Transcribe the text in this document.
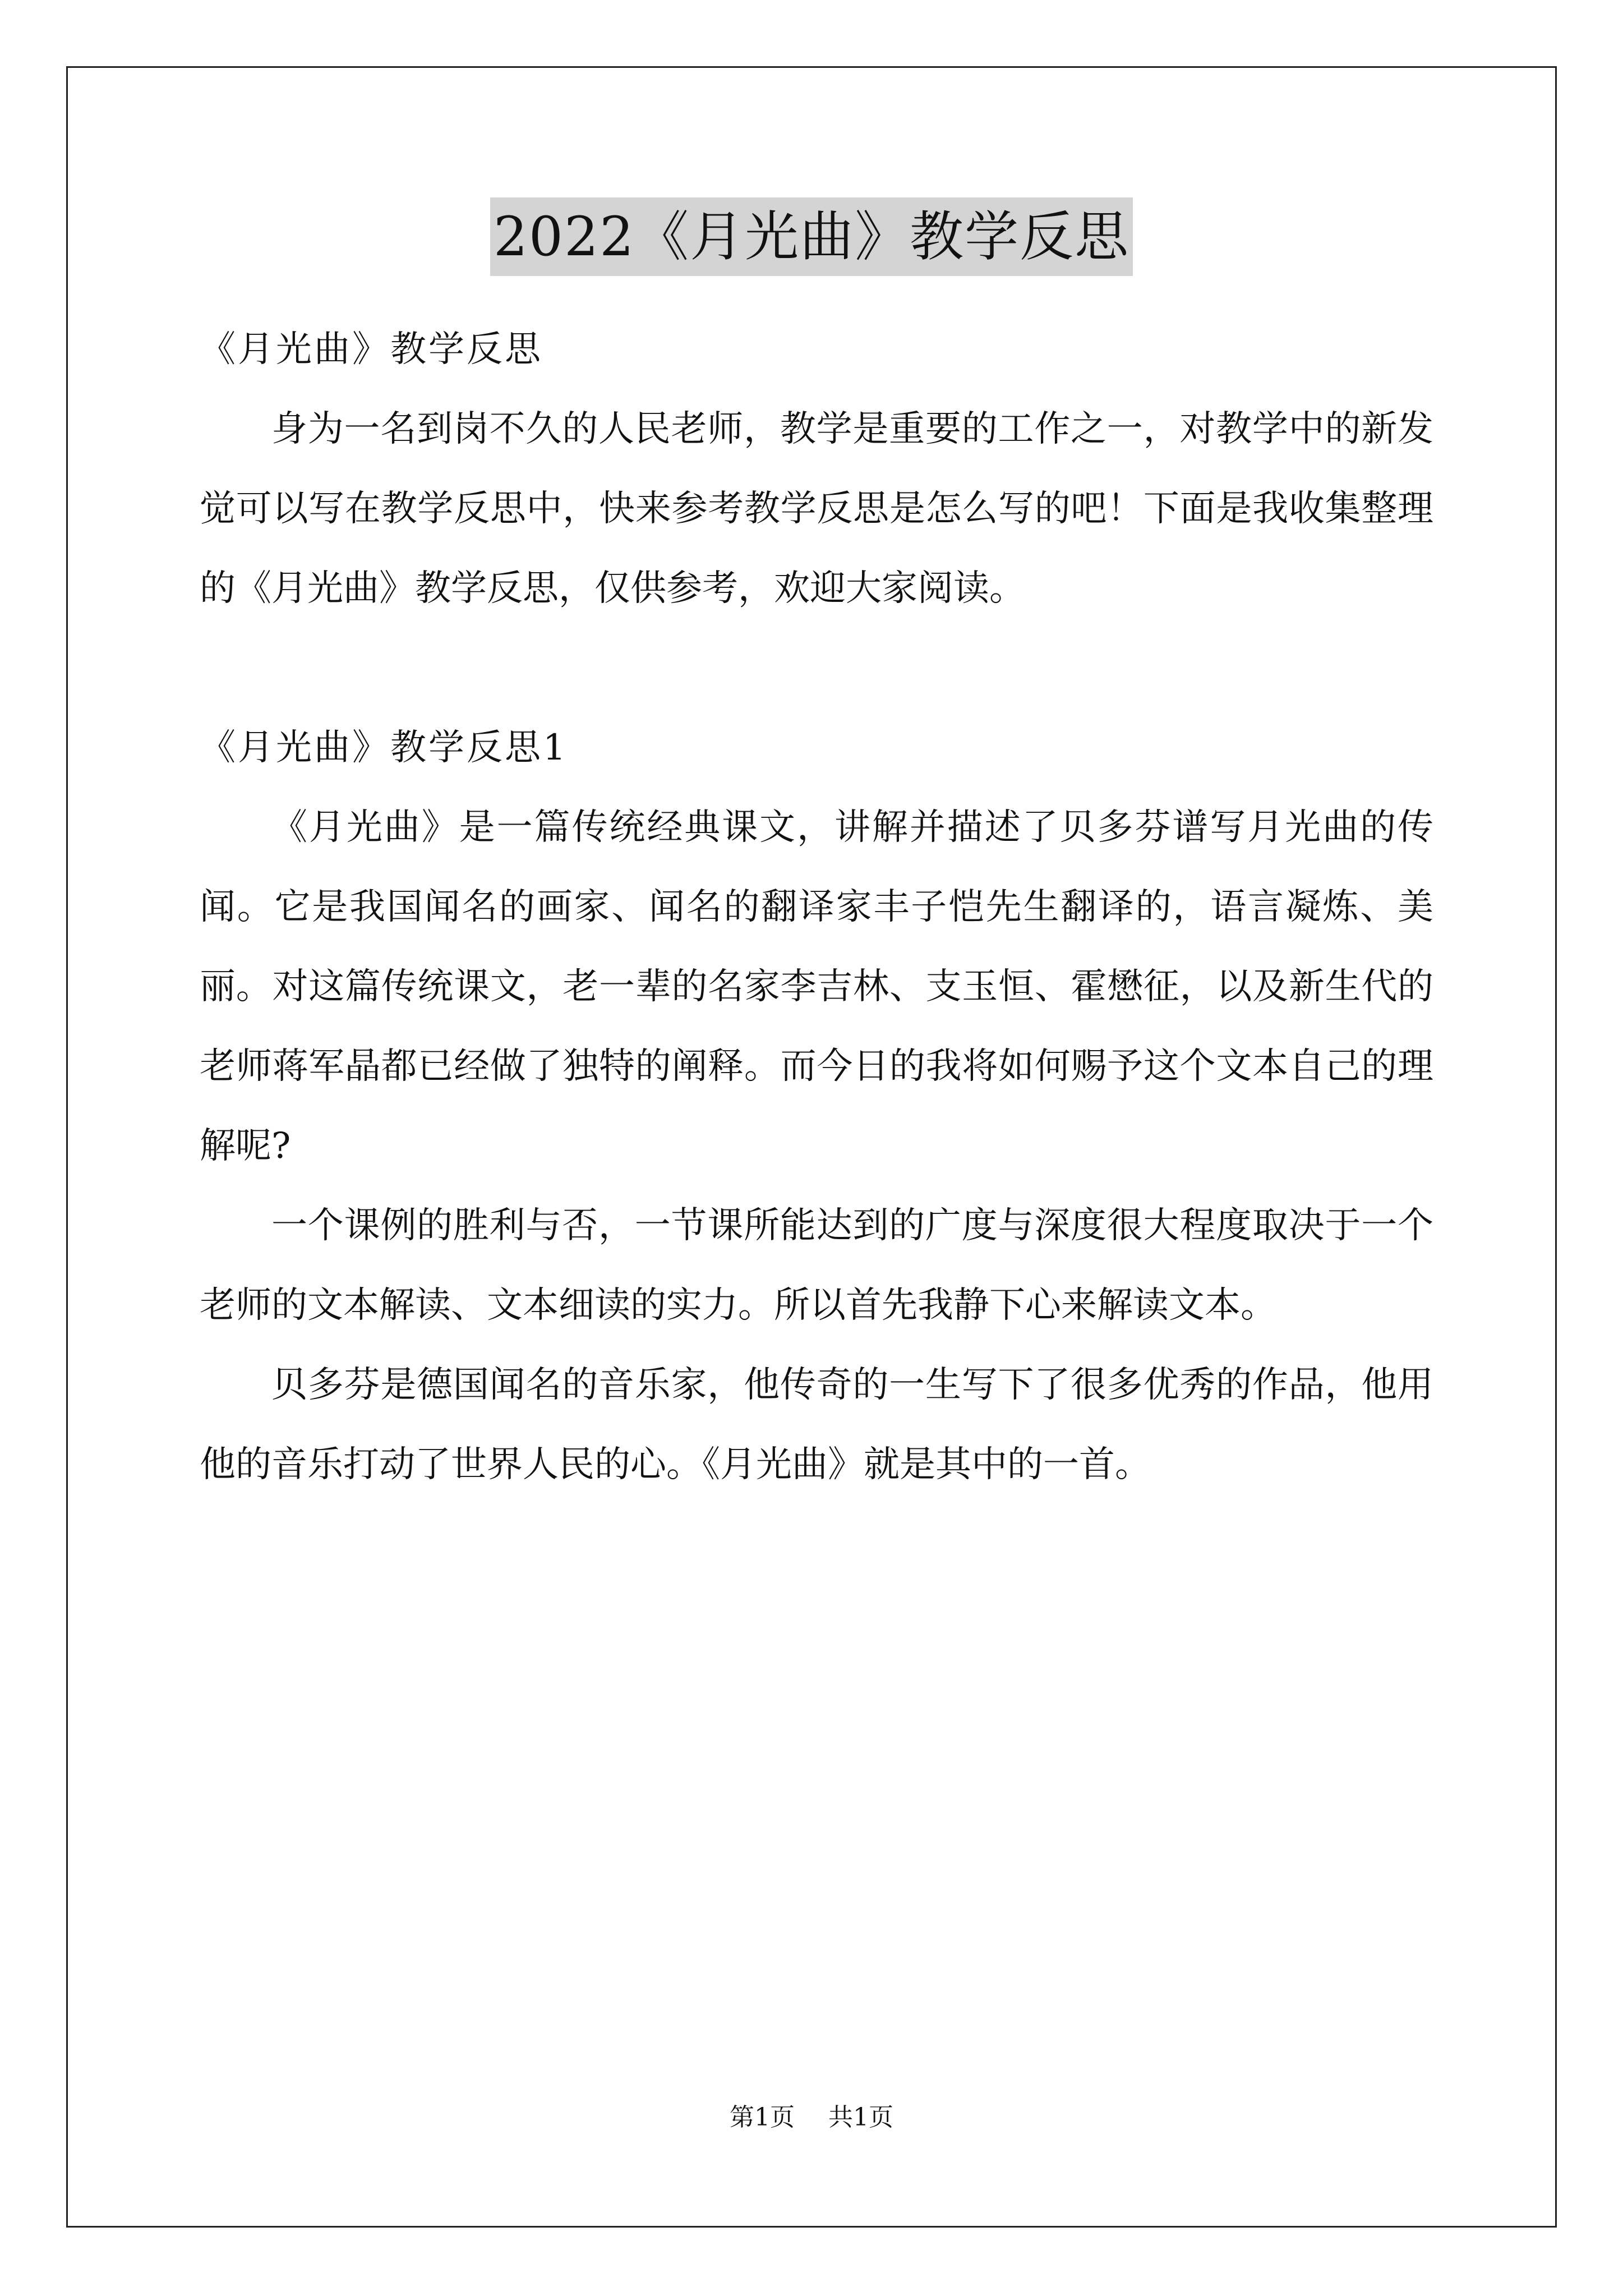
2022《月光曲》教学反思

《月光曲》教学反思

身为一名到岗不久的人民老师，教学是重要的工作之一，对教学中的新发觉可以写在教学反思中，快来参考教学反思是怎么写的吧！下面是我收集整理的《月光曲》教学反思，仅供参考，欢迎大家阅读。

《月光曲》教学反思1

《月光曲》是一篇传统经典课文，讲解并描述了贝多芬谱写月光曲的传闻。它是我国闻名的画家、闻名的翻译家丰子恺先生翻译的，语言凝炼、美丽。对这篇传统课文，老一辈的名家李吉林、支玉恒、霍懋征，以及新生代的老师蒋军晶都已经做了独特的阐释。而今日的我将如何赐予这个文本自己的理解呢?

一个课例的胜利与否，一节课所能达到的广度与深度很大程度取决于一个老师的文本解读、文本细读的实力。所以首先我静下心来解读文本。

贝多芬是德国闻名的音乐家，他传奇的一生写下了很多优秀的作品，他用他的音乐打动了世界人民的心。《月光曲》就是其中的一首。

第1页 共1页
